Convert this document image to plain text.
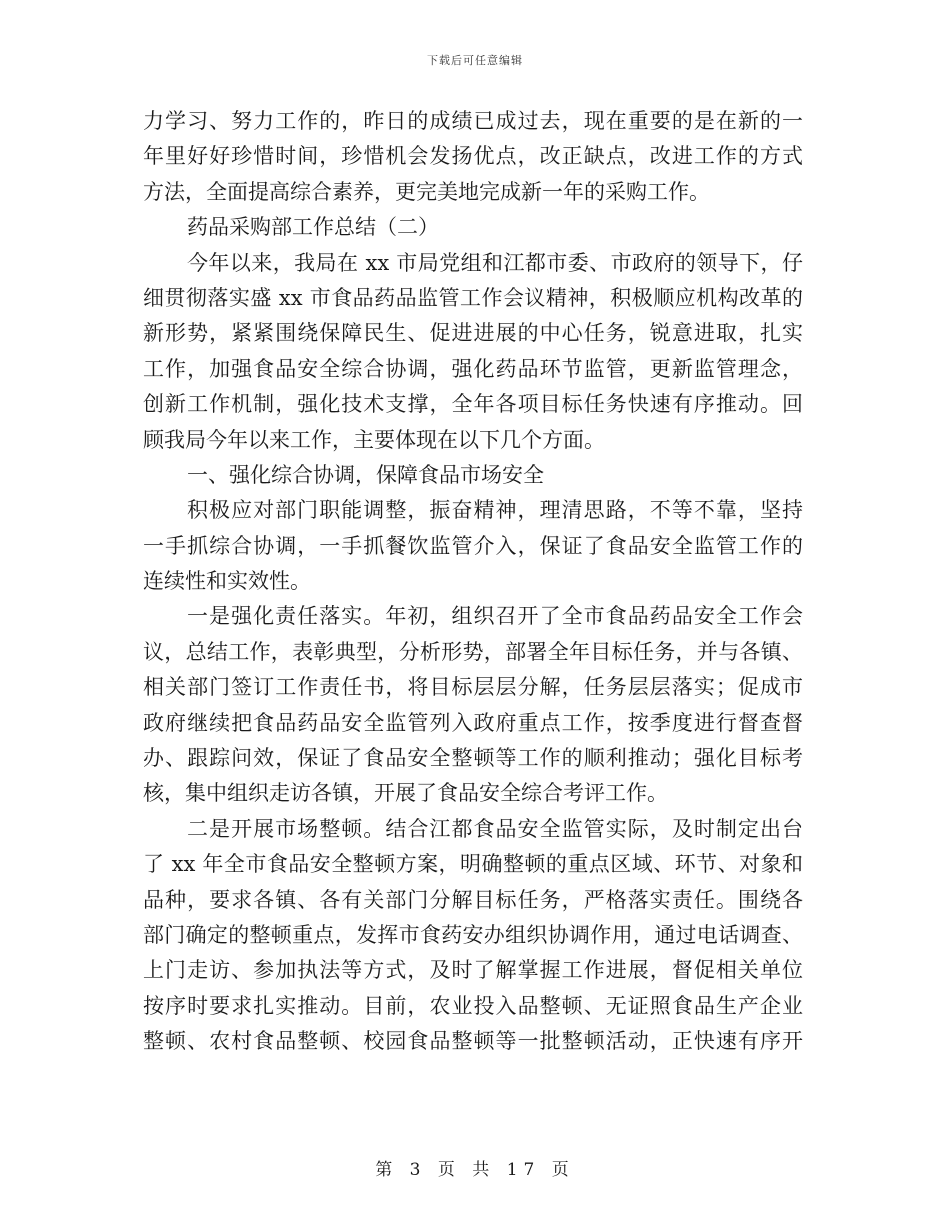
下载后可任意编辑
力学习、努力工作的，昨日的成绩已成过去，现在重要的是在新的一
年里好好珍惜时间，珍惜机会发扬优点，改正缺点，改进工作的方式
方法，全面提高综合素养，更完美地完成新一年的采购工作。
药品采购部工作总结（二）
今年以来，我局在 xx 市局党组和江都市委、市政府的领导下，仔
细贯彻落实盛 xx 市食品药品监管工作会议精神，积极顺应机构改革的
新形势，紧紧围绕保障民生、促进进展的中心任务，锐意进取，扎实
工作，加强食品安全综合协调，强化药品环节监管，更新监管理念，
创新工作机制，强化技术支撑，全年各项目标任务快速有序推动。回
顾我局今年以来工作，主要体现在以下几个方面。
一、强化综合协调，保障食品市场安全
积极应对部门职能调整，振奋精神，理清思路，不等不靠，坚持
一手抓综合协调，一手抓餐饮监管介入，保证了食品安全监管工作的
连续性和实效性。
一是强化责任落实。年初，组织召开了全市食品药品安全工作会
议，总结工作，表彰典型，分析形势，部署全年目标任务，并与各镇、
相关部门签订工作责任书，将目标层层分解，任务层层落实；促成市
政府继续把食品药品安全监管列入政府重点工作，按季度进行督查督
办、跟踪问效，保证了食品安全整顿等工作的顺利推动；强化目标考
核，集中组织走访各镇，开展了食品安全综合考评工作。
二是开展市场整顿。结合江都食品安全监管实际，及时制定出台
了 xx 年全市食品安全整顿方案，明确整顿的重点区域、环节、对象和
品种，要求各镇、各有关部门分解目标任务，严格落实责任。围绕各
部门确定的整顿重点，发挥市食药安办组织协调作用，通过电话调查、
上门走访、参加执法等方式，及时了解掌握工作进展，督促相关单位
按序时要求扎实推动。目前，农业投入品整顿、无证照食品生产企业
整顿、农村食品整顿、校园食品整顿等一批整顿活动，正快速有序开
第 3 页 共 17 页
